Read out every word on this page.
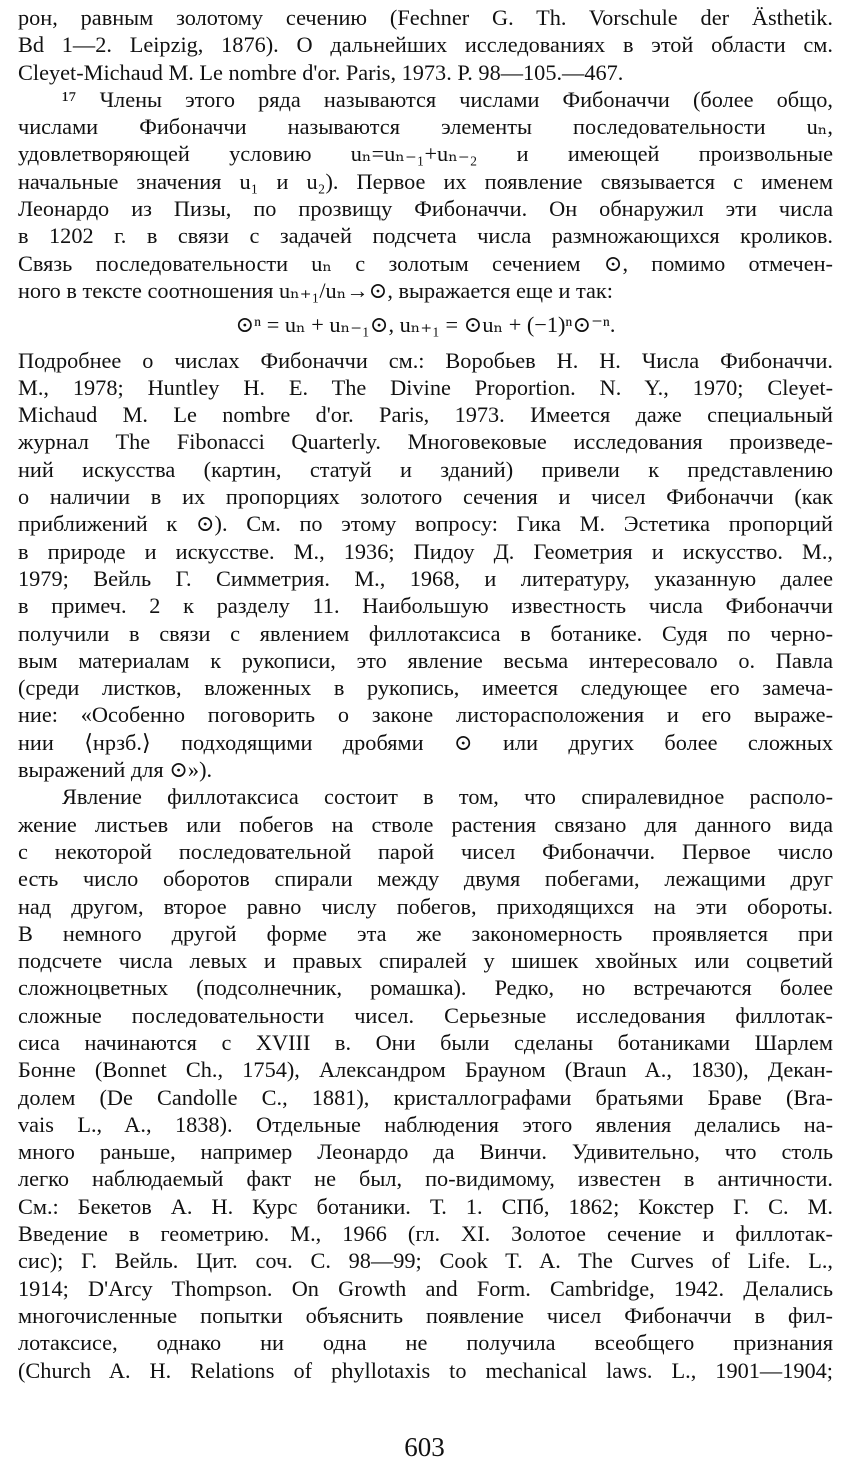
рон, равным золотому сечению (Fechner G. Th. Vorschule der Ästhetik.
Bd 1—2. Leipzig, 1876). О дальнейших исследованиях в этой области см.
Cleyet-Michaud M. Le nombre d'or. Paris, 1973. P. 98—105.—467.
¹⁷ Члены этого ряда называются числами Фибоначчи (более общо,
числами Фибоначчи называются элементы последовательности uₙ,
удовлетворяющей условию uₙ=uₙ₋₁+uₙ₋₂ и имеющей произвольные
начальные значения u₁ и u₂). Первое их появление связывается с именем
Леонардо из Пизы, по прозвищу Фибоначчи. Он обнаружил эти числа
в 1202 г. в связи с задачей подсчета числа размножающихся кроликов.
Связь последовательности uₙ с золотым сечением ⊙, помимо отмечен-
ного в тексте соотношения uₙ₊₁/uₙ→⊙, выражается еще и так:
⊙ⁿ = uₙ + uₙ₋₁⊙, uₙ₊₁ = ⊙uₙ + (−1)ⁿ⊙⁻ⁿ.
Подробнее о числах Фибоначчи см.: Воробьев Н. Н. Числа Фибоначчи.
М., 1978; Huntley H. E. The Divine Proportion. N. Y., 1970; Cleyet-
Michaud M. Le nombre d'or. Paris, 1973. Имеется даже специальный
журнал The Fibonacci Quarterly. Многовековые исследования произведе-
ний искусства (картин, статуй и зданий) привели к представлению
о наличии в их пропорциях золотого сечения и чисел Фибоначчи (как
приближений к ⊙). См. по этому вопросу: Гика М. Эстетика пропорций
в природе и искусстве. М., 1936; Пидоу Д. Геометрия и искусство. М.,
1979; Вейль Г. Симметрия. М., 1968, и литературу, указанную далее
в примеч. 2 к разделу 11. Наибольшую известность числа Фибоначчи
получили в связи с явлением филлотаксиса в ботанике. Судя по черно-
вым материалам к рукописи, это явление весьма интересовало о. Павла
(среди листков, вложенных в рукопись, имеется следующее его замеча-
ние: «Особенно поговорить о законе листорасположения и его выраже-
нии ⟨нрзб.⟩ подходящими дробями ⊙ или других более сложных
выражений для ⊙»).
Явление филлотаксиса состоит в том, что спиралевидное располо-
жение листьев или побегов на стволе растения связано для данного вида
с некоторой последовательной парой чисел Фибоначчи. Первое число
есть число оборотов спирали между двумя побегами, лежащими друг
над другом, второе равно числу побегов, приходящихся на эти обороты.
В немного другой форме эта же закономерность проявляется при
подсчете числа левых и правых спиралей у шишек хвойных или соцветий
сложноцветных (подсолнечник, ромашка). Редко, но встречаются более
сложные последовательности чисел. Серьезные исследования филлотак-
сиса начинаются с XVIII в. Они были сделаны ботаниками Шарлем
Бонне (Bonnet Ch., 1754), Александром Брауном (Braun A., 1830), Декан-
долем (De Candolle C., 1881), кристаллографами братьями Браве (Bra-
vais L., A., 1838). Отдельные наблюдения этого явления делались на-
много раньше, например Леонардо да Винчи. Удивительно, что столь
легко наблюдаемый факт не был, по-видимому, известен в античности.
См.: Бекетов А. Н. Курс ботаники. Т. 1. СПб, 1862; Кокстер Г. С. М.
Введение в геометрию. М., 1966 (гл. XI. Золотое сечение и филлотак-
сис); Г. Вейль. Цит. соч. С. 98—99; Cook T. A. The Curves of Life. L.,
1914; D'Arcy Thompson. On Growth and Form. Cambridge, 1942. Делались
многочисленные попытки объяснить появление чисел Фибоначчи в фил-
лотаксисе, однако ни одна не получила всеобщего признания
(Church A. H. Relations of phyllotaxis to mechanical laws. L., 1901—1904;
603
